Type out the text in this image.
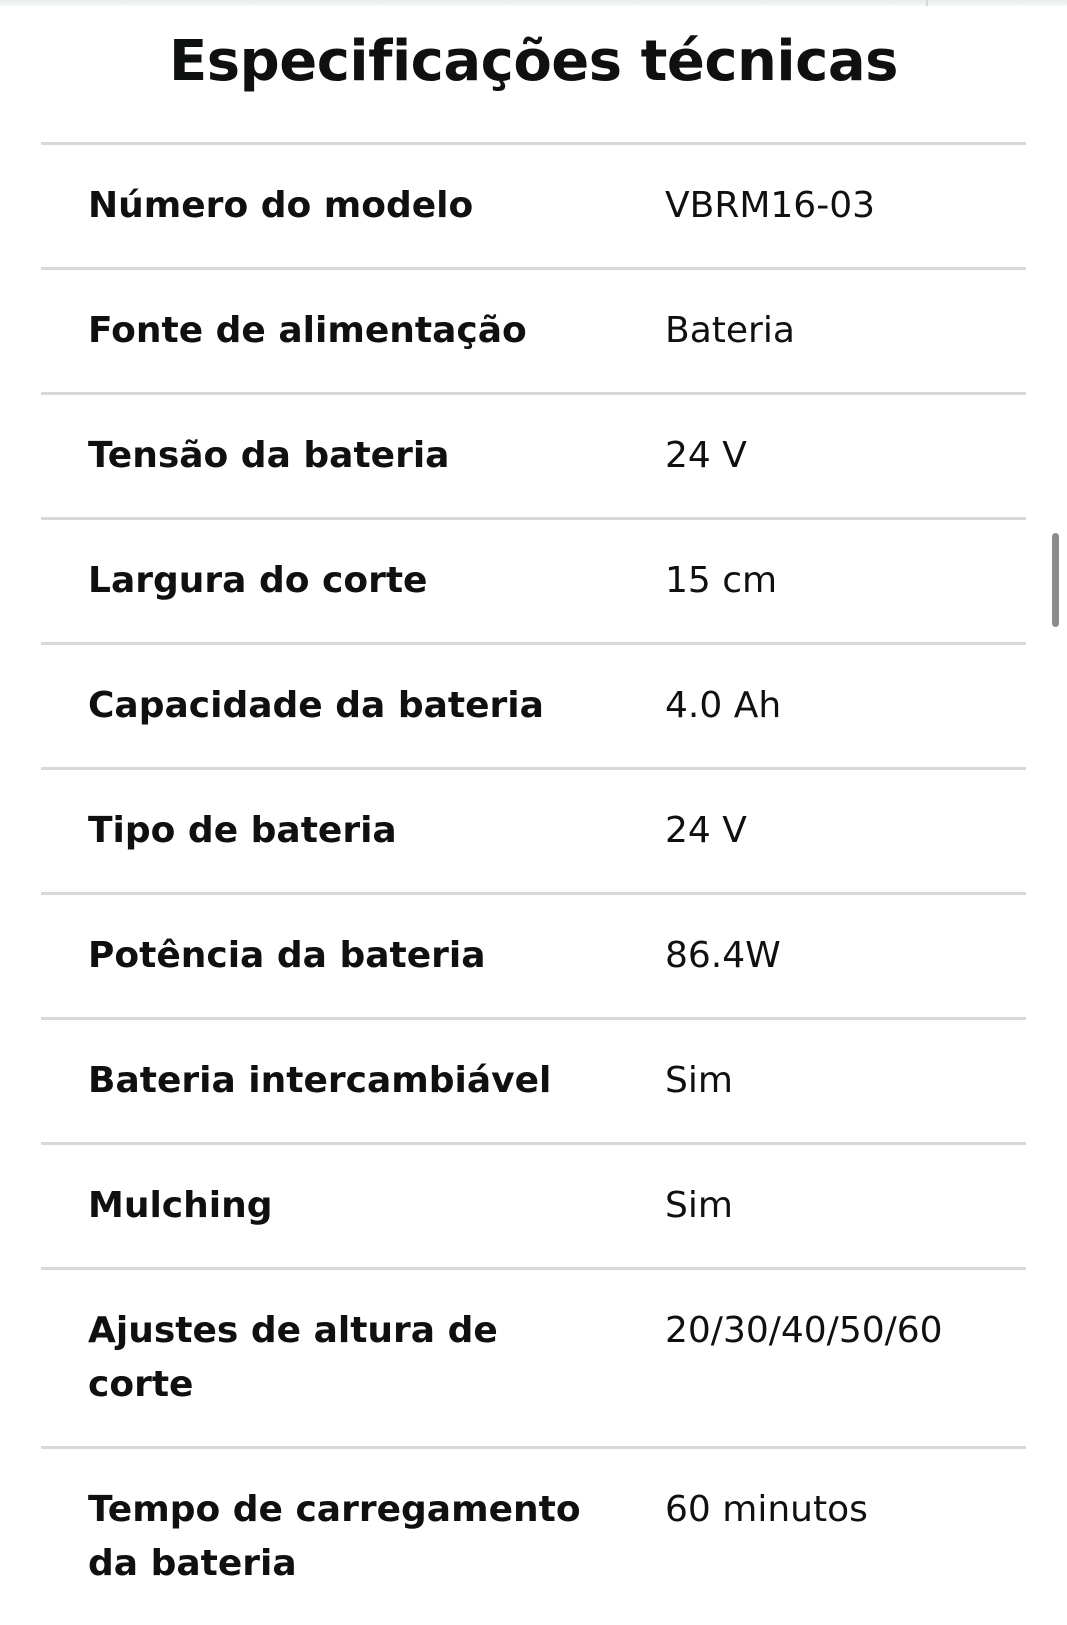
Especificações técnicas
Número do modelo	VBRM16-03
Fonte de alimentação	Bateria
Tensão da bateria	24 V
Largura do corte	15 cm
Capacidade da bateria	4.0 Ah
Tipo de bateria	24 V
Potência da bateria	86.4W
Bateria intercambiável	Sim
Mulching	Sim
Ajustes de altura de corte	20/30/40/50/60
Tempo de carregamento da bateria	60 minutos
